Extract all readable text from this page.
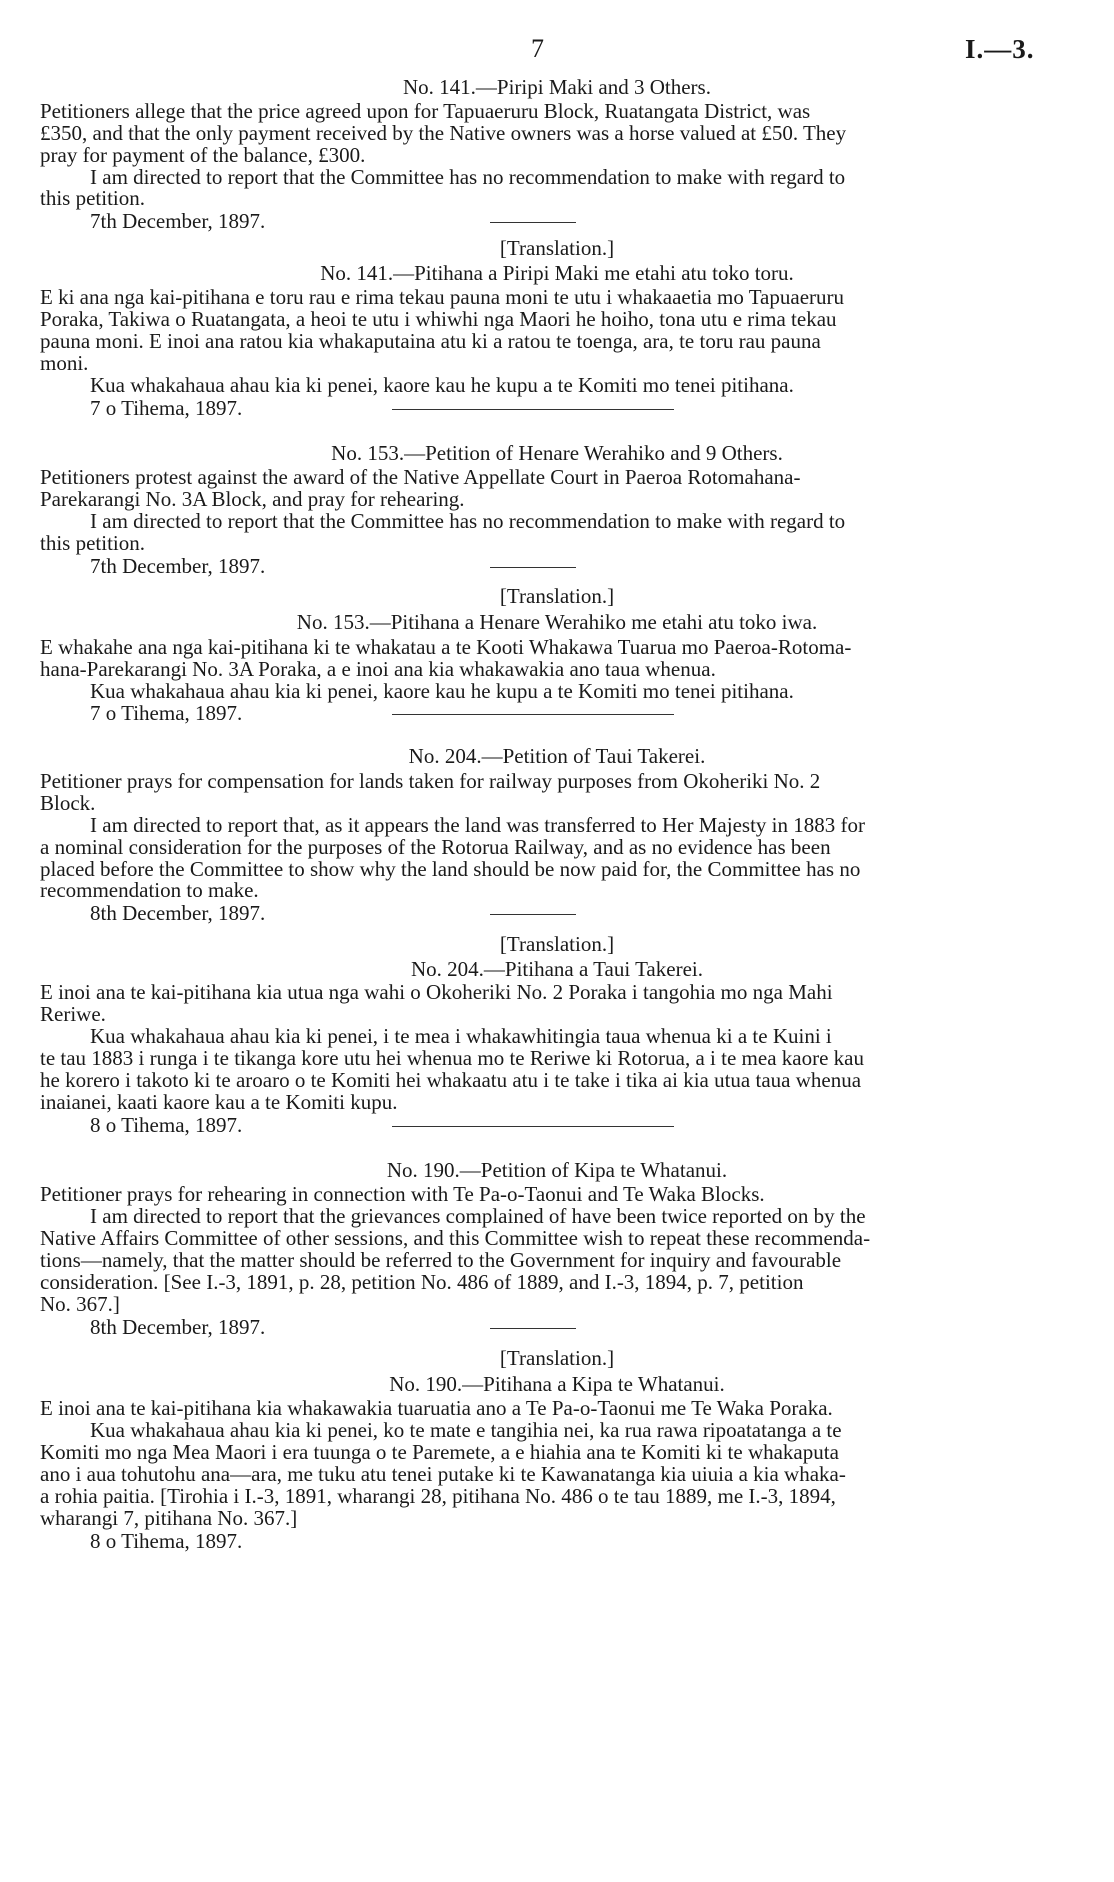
7	I.—3.
No. 141.—Piripi Maki and 3 Others.
Petitioners allege that the price agreed upon for Tapuaeruru Block, Ruatangata District, was
£350, and that the only payment received by the Native owners was a horse valued at £50. They
pray for payment of the balance, £300.
I am directed to report that the Committee has no recommendation to make with regard to
this petition.
7th December, 1897.
[Translation.]
No. 141.—Pitihana a Piripi Maki me etahi atu toko toru.
E ki ana nga kai-pitihana e toru rau e rima tekau pauna moni te utu i whakaaetia mo Tapuaeruru
Poraka, Takiwa o Ruatangata, a heoi te utu i whiwhi nga Maori he hoiho, tona utu e rima tekau
pauna moni. E inoi ana ratou kia whakaputaina atu ki a ratou te toenga, ara, te toru rau pauna
moni.
Kua whakahaua ahau kia ki penei, kaore kau he kupu a te Komiti mo tenei pitihana.
7 o Tihema, 1897.
No. 153.—Petition of Henare Werahiko and 9 Others.
Petitioners protest against the award of the Native Appellate Court in Paeroa Rotomahana-
Parekarangi No. 3A Block, and pray for rehearing.
I am directed to report that the Committee has no recommendation to make with regard to
this petition.
7th December, 1897.
[Translation.]
No. 153.—Pitihana a Henare Werahiko me etahi atu toko iwa.
E whakahe ana nga kai-pitihana ki te whakatau a te Kooti Whakawa Tuarua mo Paeroa-Rotoma-
hana-Parekarangi No. 3A Poraka, a e inoi ana kia whakawakia ano taua whenua.
Kua whakahaua ahau kia ki penei, kaore kau he kupu a te Komiti mo tenei pitihana.
7 o Tihema, 1897.
No. 204.—Petition of Taui Takerei.
Petitioner prays for compensation for lands taken for railway purposes from Okoheriki No. 2
Block.
I am directed to report that, as it appears the land was transferred to Her Majesty in 1883 for
a nominal consideration for the purposes of the Rotorua Railway, and as no evidence has been
placed before the Committee to show why the land should be now paid for, the Committee has no
recommendation to make.
8th December, 1897.
[Translation.]
No. 204.—Pitihana a Taui Takerei.
E inoi ana te kai-pitihana kia utua nga wahi o Okoheriki No. 2 Poraka i tangohia mo nga Mahi
Reriwe.
Kua whakahaua ahau kia ki penei, i te mea i whakawhitingia taua whenua ki a te Kuini i
te tau 1883 i runga i te tikanga kore utu hei whenua mo te Reriwe ki Rotorua, a i te mea kaore kau
he korero i takoto ki te aroaro o te Komiti hei whakaatu atu i te take i tika ai kia utua taua whenua
inaianei, kaati kaore kau a te Komiti kupu.
8 o Tihema, 1897.
No. 190.—Petition of Kipa te Whatanui.
Petitioner prays for rehearing in connection with Te Pa-o-Taonui and Te Waka Blocks.
I am directed to report that the grievances complained of have been twice reported on by the
Native Affairs Committee of other sessions, and this Committee wish to repeat these recommenda-
tions—namely, that the matter should be referred to the Government for inquiry and favourable
consideration. [See I.-3, 1891, p. 28, petition No. 486 of 1889, and I.-3, 1894, p. 7, petition
No. 367.]
8th December, 1897.
[Translation.]
No. 190.—Pitihana a Kipa te Whatanui.
E inoi ana te kai-pitihana kia whakawakia tuaruatia ano a Te Pa-o-Taonui me Te Waka Poraka.
Kua whakahaua ahau kia ki penei, ko te mate e tangihia nei, ka rua rawa ripoatatanga a te
Komiti mo nga Mea Maori i era tuunga o te Paremete, a e hiahia ana te Komiti ki te whakaputa
ano i aua tohutohu ana—ara, me tuku atu tenei putake ki te Kawanatanga kia uiuia a kia whaka-
a rohia paitia. [Tirohia i I.-3, 1891, wharangi 28, pitihana No. 486 o te tau 1889, me I.-3, 1894,
wharangi 7, pitihana No. 367.]
8 o Tihema, 1897.
